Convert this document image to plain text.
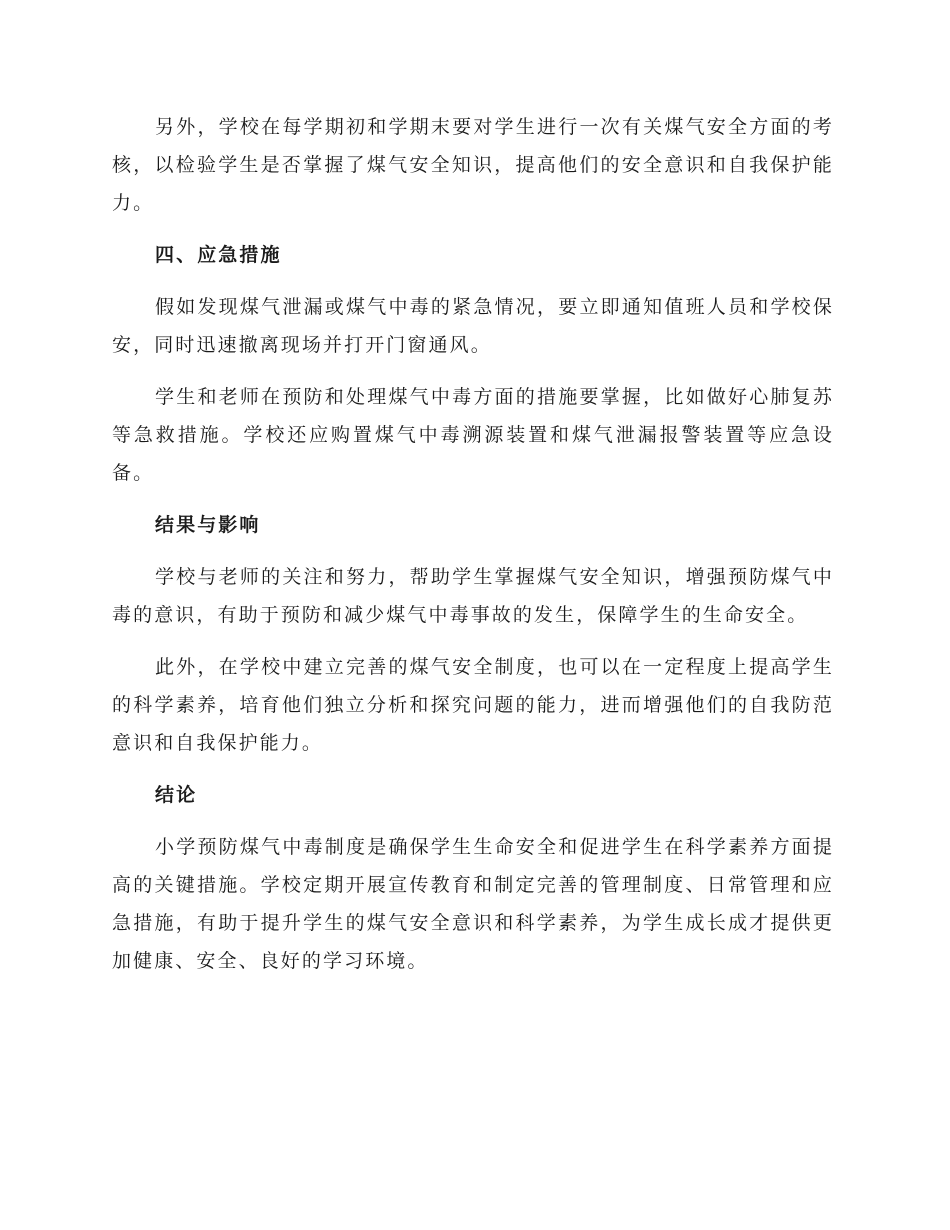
另外，学校在每学期初和学期末要对学生进行一次有关煤气安全方面的考核，以检验学生是否掌握了煤气安全知识，提高他们的安全意识和自我保护能力。

四、应急措施

假如发现煤气泄漏或煤气中毒的紧急情况，要立即通知值班人员和学校保安，同时迅速撤离现场并打开门窗通风。

学生和老师在预防和处理煤气中毒方面的措施要掌握，比如做好心肺复苏等急救措施。学校还应购置煤气中毒溯源装置和煤气泄漏报警装置等应急设备。

结果与影响

学校与老师的关注和努力，帮助学生掌握煤气安全知识，增强预防煤气中毒的意识，有助于预防和减少煤气中毒事故的发生，保障学生的生命安全。

此外，在学校中建立完善的煤气安全制度，也可以在一定程度上提高学生的科学素养，培育他们独立分析和探究问题的能力，进而增强他们的自我防范意识和自我保护能力。

结论

小学预防煤气中毒制度是确保学生生命安全和促进学生在科学素养方面提高的关键措施。学校定期开展宣传教育和制定完善的管理制度、日常管理和应急措施，有助于提升学生的煤气安全意识和科学素养，为学生成长成才提供更加健康、安全、良好的学习环境。
